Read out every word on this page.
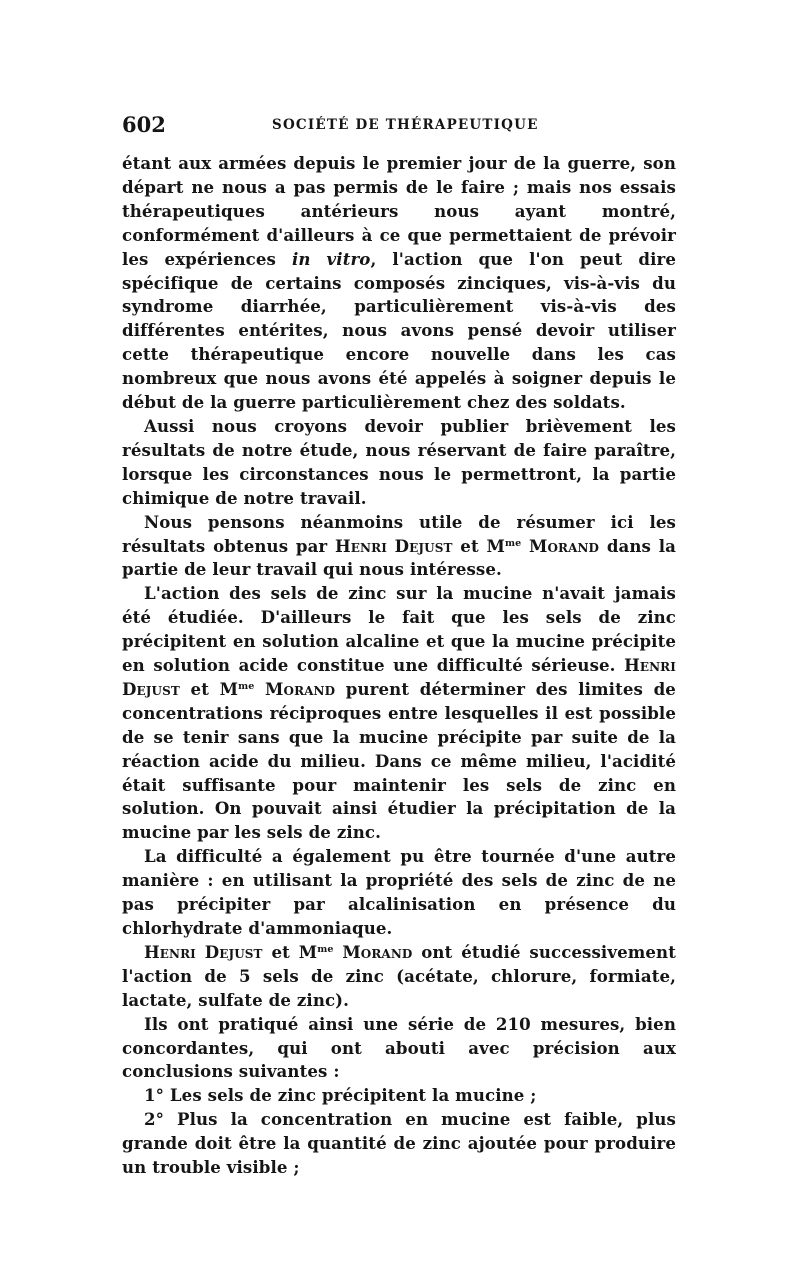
602	SOCIÉTÉ DE THÉRAPEUTIQUE

étant aux armées depuis le premier jour de la guerre, son départ ne nous a pas permis de le faire ; mais nos essais thérapeutiques antérieurs nous ayant montré, conformément d'ailleurs à ce que permettaient de prévoir les expériences in vitro, l'action que l'on peut dire spécifique de certains composés zinciques, vis-à-vis du syndrome diarrhée, particulièrement vis-à-vis des différentes entérites, nous avons pensé devoir utiliser cette thérapeutique encore nouvelle dans les cas nombreux que nous avons été appelés à soigner depuis le début de la guerre particulièrement chez des soldats.

Aussi nous croyons devoir publier brièvement les résultats de notre étude, nous réservant de faire paraître, lorsque les circonstances nous le permettront, la partie chimique de notre travail.

Nous pensons néanmoins utile de résumer ici les résultats obtenus par Henri Dejust et $M^{me}$ Morand dans la partie de leur travail qui nous intéresse.

L'action des sels de zinc sur la mucine n'avait jamais été étudiée. D'ailleurs le fait que les sels de zinc précipitent en solution alcaline et que la mucine précipite en solution acide constitue une difficulté sérieuse. Henri Dejust et $M^{me}$ Morand purent déterminer des limites de concentrations réciproques entre lesquelles il est possible de se tenir sans que la mucine précipite par suite de la réaction acide du milieu. Dans ce même milieu, l'acidité était suffisante pour maintenir les sels de zinc en solution. On pouvait ainsi étudier la précipitation de la mucine par les sels de zinc.

La difficulté a également pu être tournée d'une autre manière : en utilisant la propriété des sels de zinc de ne pas précipiter par alcalinisation en présence du chlorhydrate d'ammoniaque.

Henri Dejust et $M^{me}$ Morand ont étudié successivement l'action de 5 sels de zinc (acétate, chlorure, formiate, lactate, sulfate de zinc).

Ils ont pratiqué ainsi une série de 210 mesures, bien concordantes, qui ont abouti avec précision aux conclusions suivantes :

1° Les sels de zinc précipitent la mucine ;

2° Plus la concentration en mucine est faible, plus grande doit être la quantité de zinc ajoutée pour produire un trouble visible ;
